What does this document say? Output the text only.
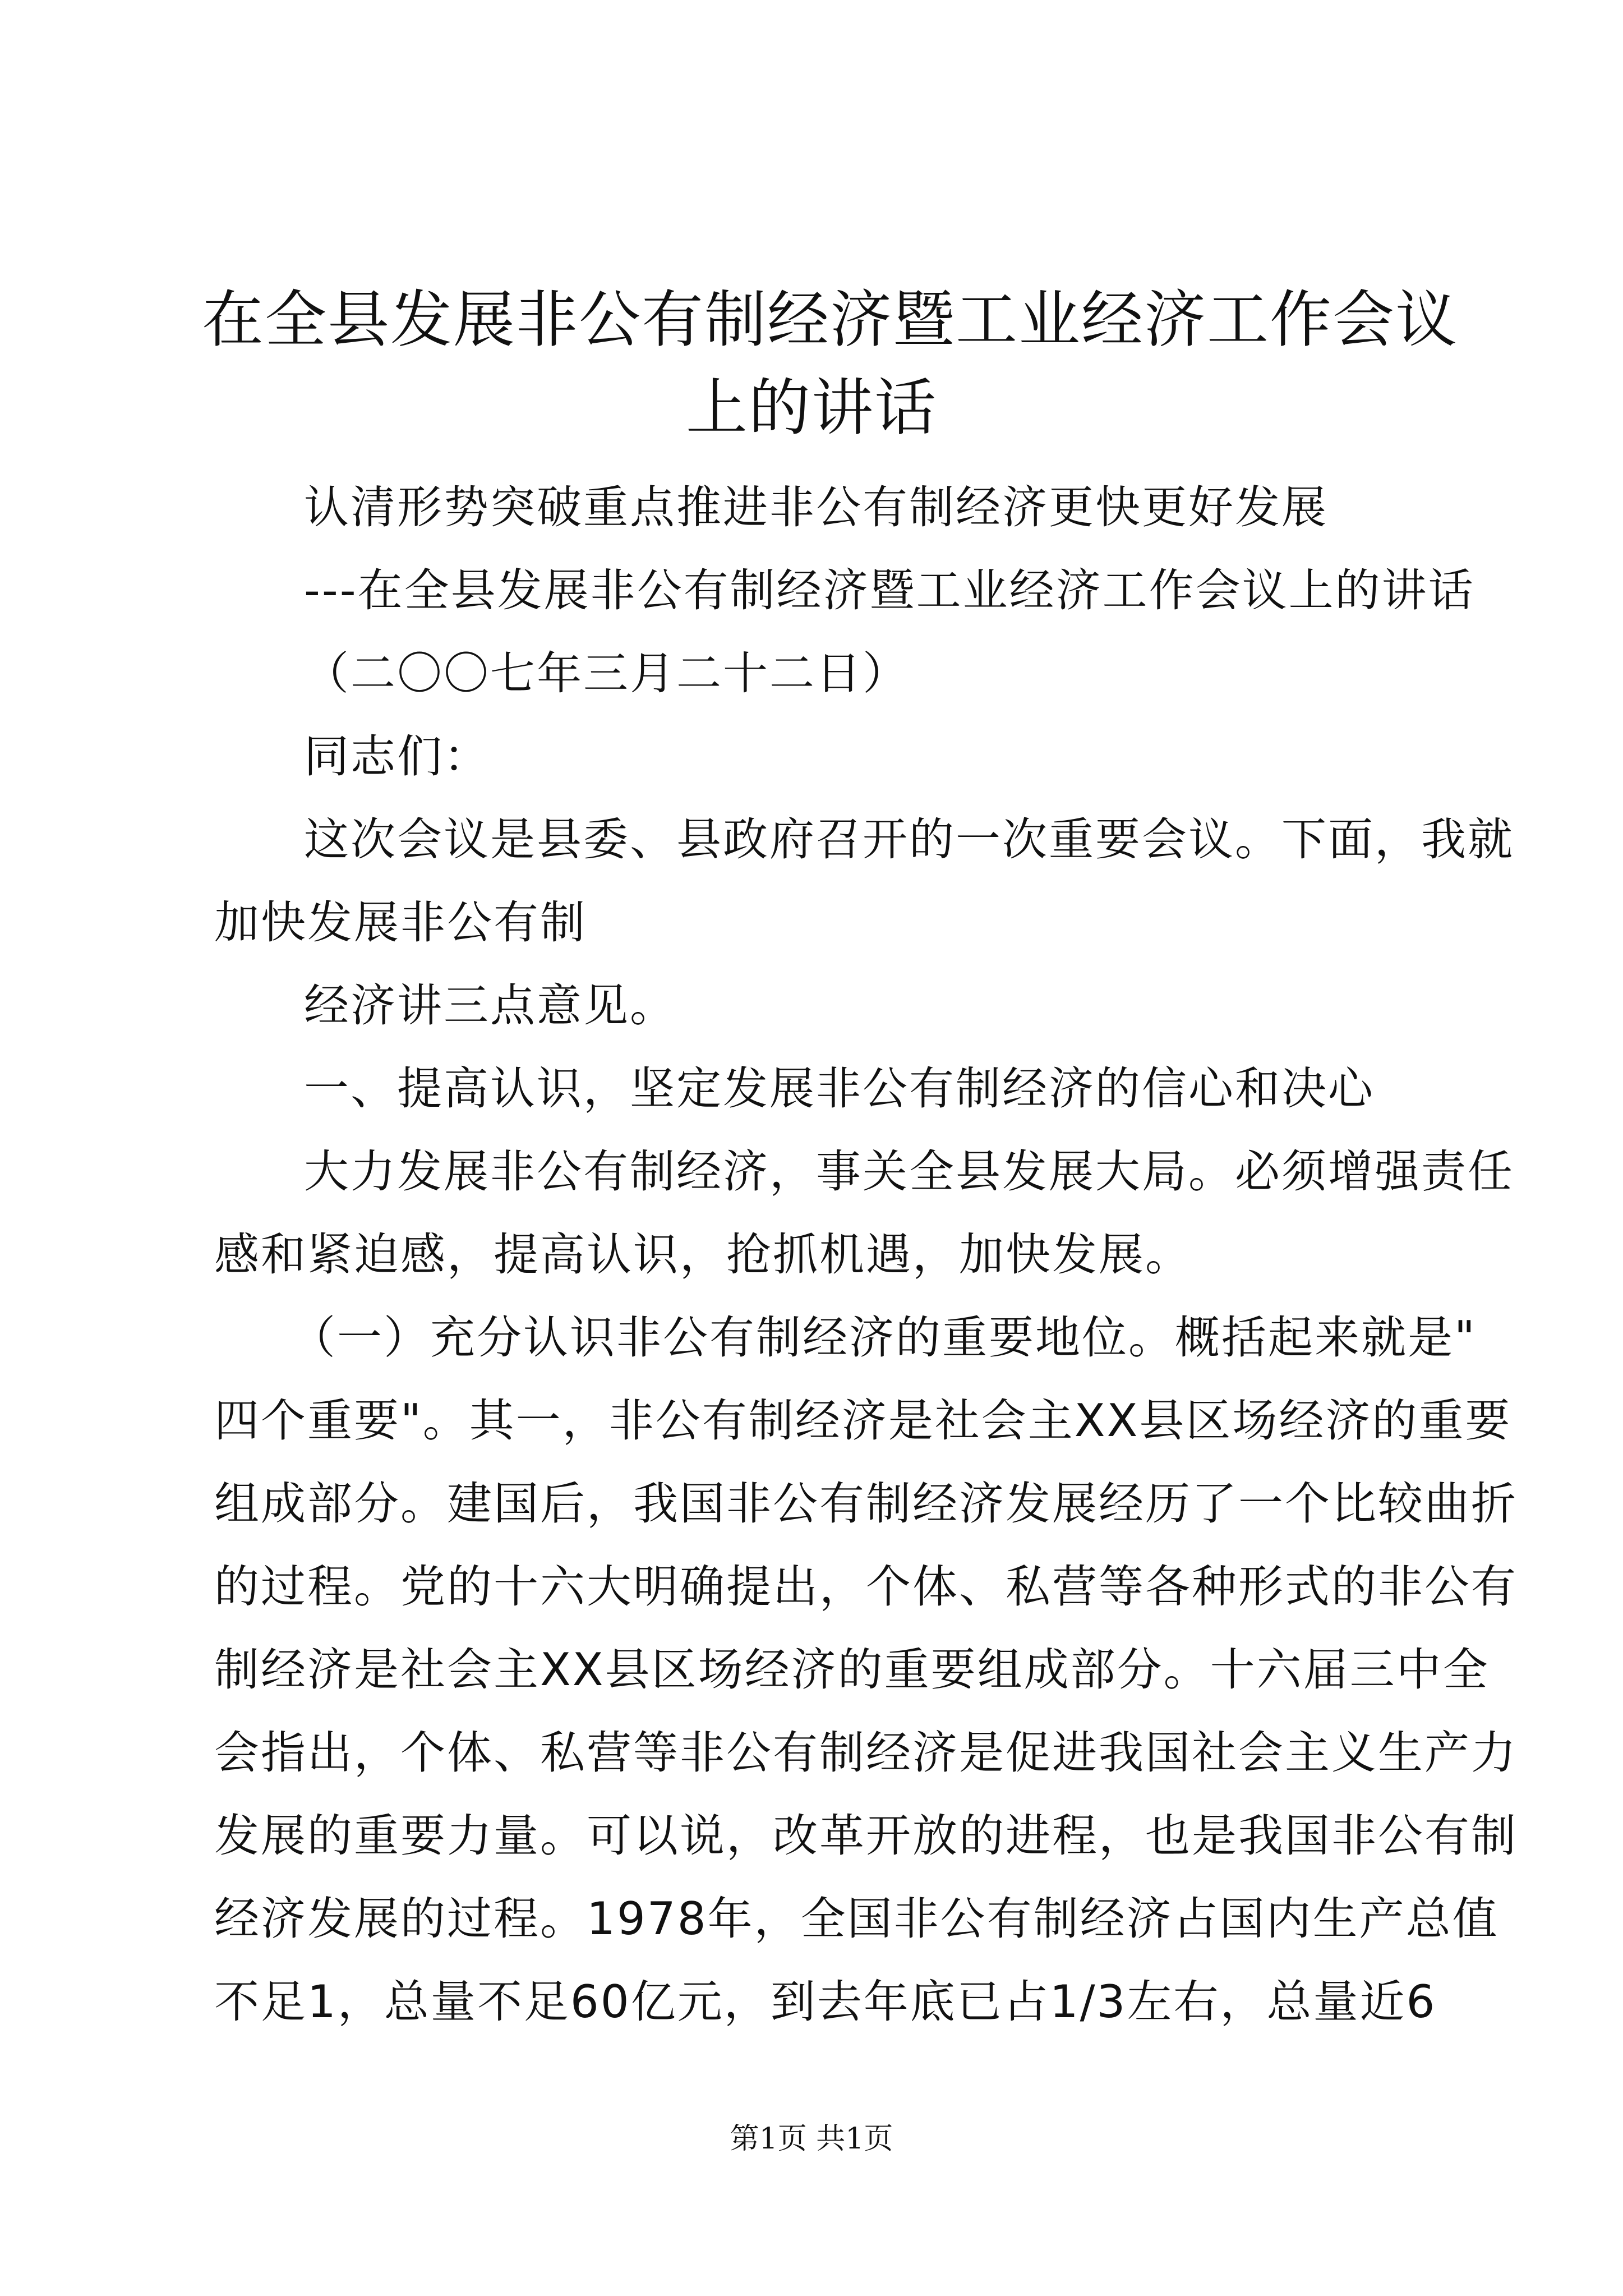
在全县发展非公有制经济暨工业经济工作会议
上的讲话
认清形势突破重点推进非公有制经济更快更好发展
---在全县发展非公有制经济暨工业经济工作会议上的讲话
（二〇〇七年三月二十二日）
同志们：
这次会议是县委、县政府召开的一次重要会议。下面，我就
加快发展非公有制
经济讲三点意见。
一、提高认识，坚定发展非公有制经济的信心和决心
大力发展非公有制经济，事关全县发展大局。必须增强责任
感和紧迫感，提高认识，抢抓机遇，加快发展。
（一）充分认识非公有制经济的重要地位。概括起来就是"
四个重要"。其一，非公有制经济是社会主XX县区场经济的重要
组成部分。建国后，我国非公有制经济发展经历了一个比较曲折
的过程。党的十六大明确提出，个体、私营等各种形式的非公有
制经济是社会主XX县区场经济的重要组成部分。十六届三中全
会指出，个体、私营等非公有制经济是促进我国社会主义生产力
发展的重要力量。可以说，改革开放的进程，也是我国非公有制
经济发展的过程。1978年，全国非公有制经济占国内生产总值
不足1，总量不足60亿元，到去年底已占1/3左右，总量近6
第1页 共1页
